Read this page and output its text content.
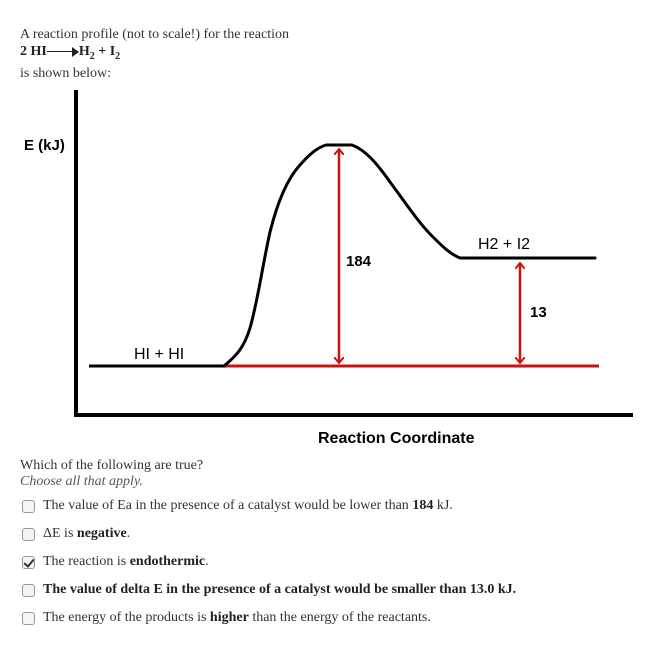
A reaction profile (not to scale!) for the reaction
2 HI $H_2 + I_2$
is shown below:
E (kJ)
Reaction Coordinate
184
13
HI + HI
H2 + I2
Which of the following are true?
Choose all that apply.
The value of Ea in the presence of a catalyst would be lower than 184 kJ.
ΔE is negative.
The reaction is endothermic.
The value of delta E in the presence of a catalyst would be smaller than 13.0 kJ.
The energy of the products is higher than the energy of the reactants.
